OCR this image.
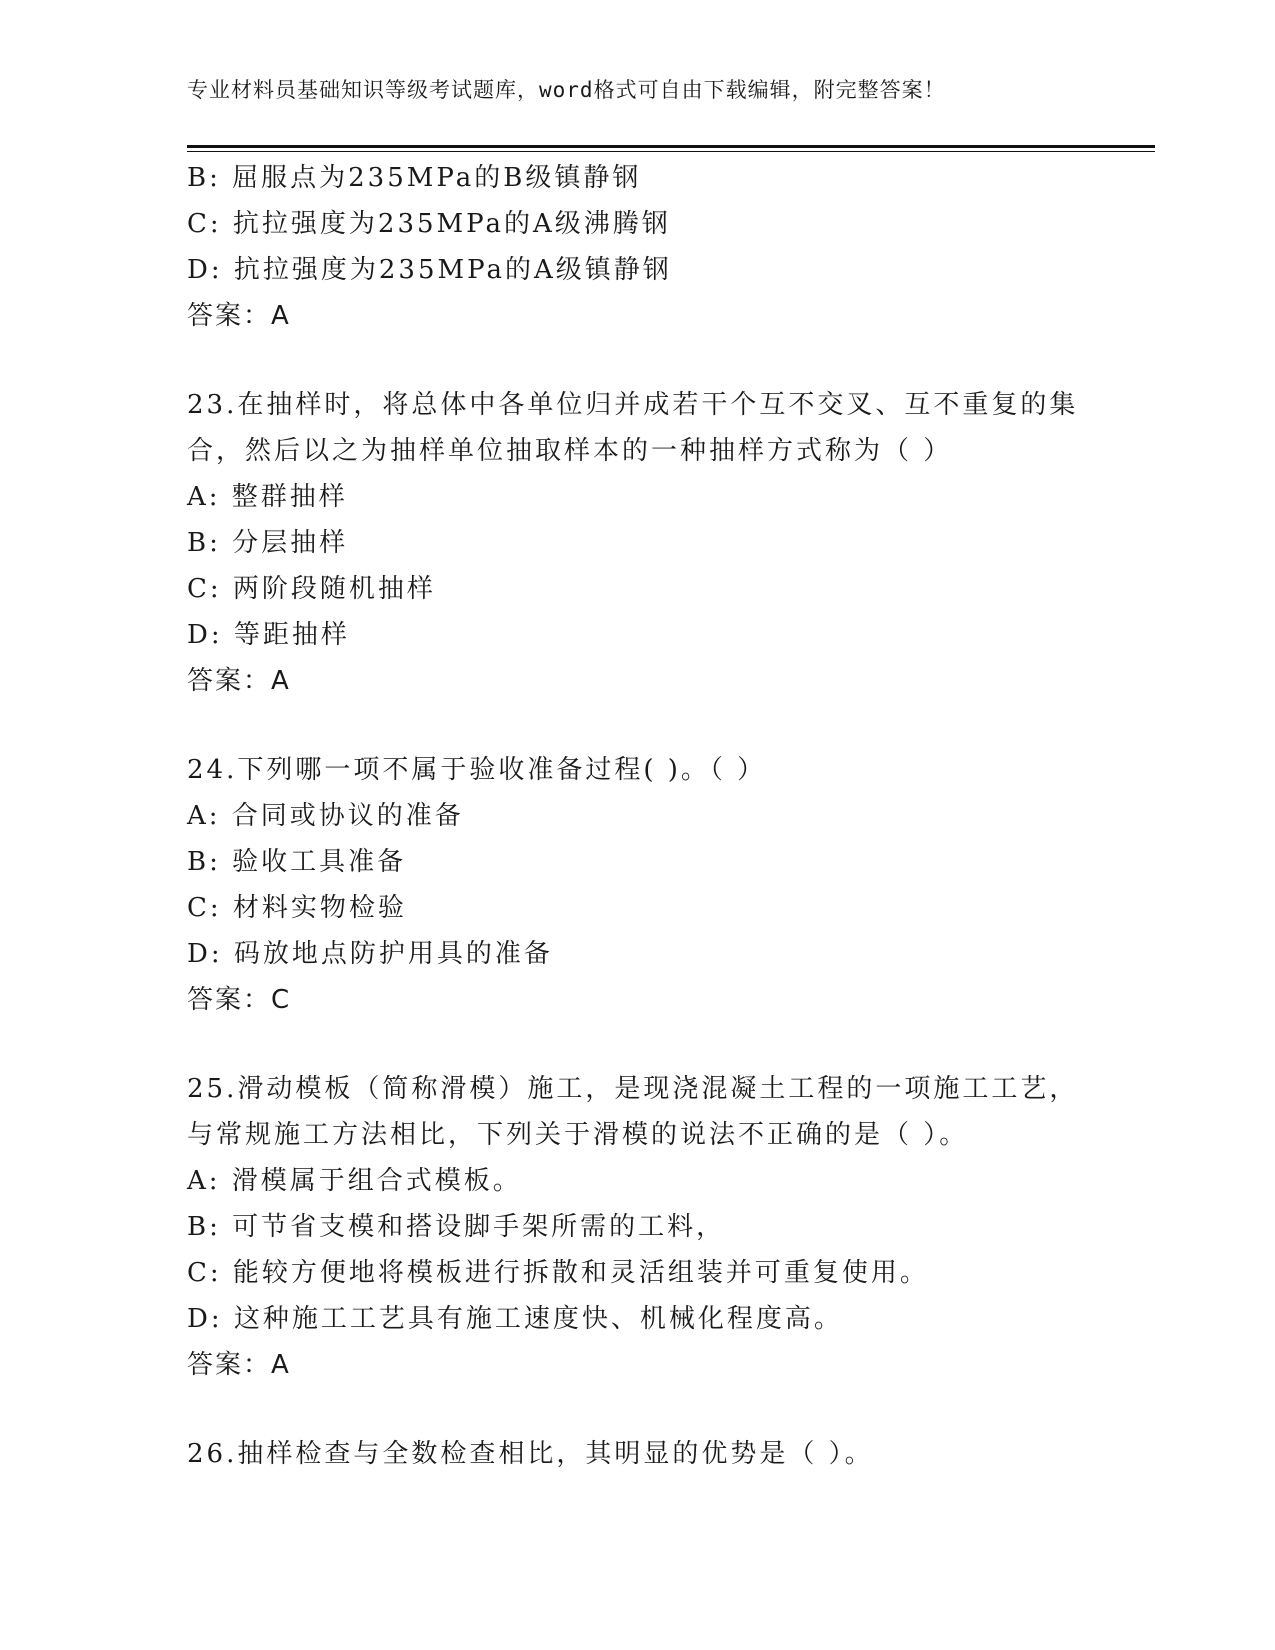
专业材料员基础知识等级考试题库，word格式可自由下载编辑，附完整答案！
B: 屈服点为235MPa的B级镇静钢
C: 抗拉强度为235MPa的A级沸腾钢
D: 抗拉强度为235MPa的A级镇静钢
答案：A
23.在抽样时，将总体中各单位归并成若干个互不交叉、互不重复的集
合，然后以之为抽样单位抽取样本的一种抽样方式称为（ ）
A: 整群抽样
B: 分层抽样
C: 两阶段随机抽样
D: 等距抽样
答案：A
24.下列哪一项不属于验收准备过程( )。（ ）
A: 合同或协议的准备
B: 验收工具准备
C: 材料实物检验
D: 码放地点防护用具的准备
答案：C
25.滑动模板（简称滑模）施工，是现浇混凝土工程的一项施工工艺，
与常规施工方法相比，下列关于滑模的说法不正确的是（ ）。
A: 滑模属于组合式模板。
B: 可节省支模和搭设脚手架所需的工料，
C: 能较方便地将模板进行拆散和灵活组装并可重复使用。
D: 这种施工工艺具有施工速度快、机械化程度高。
答案：A
26.抽样检查与全数检查相比，其明显的优势是（ ）。
